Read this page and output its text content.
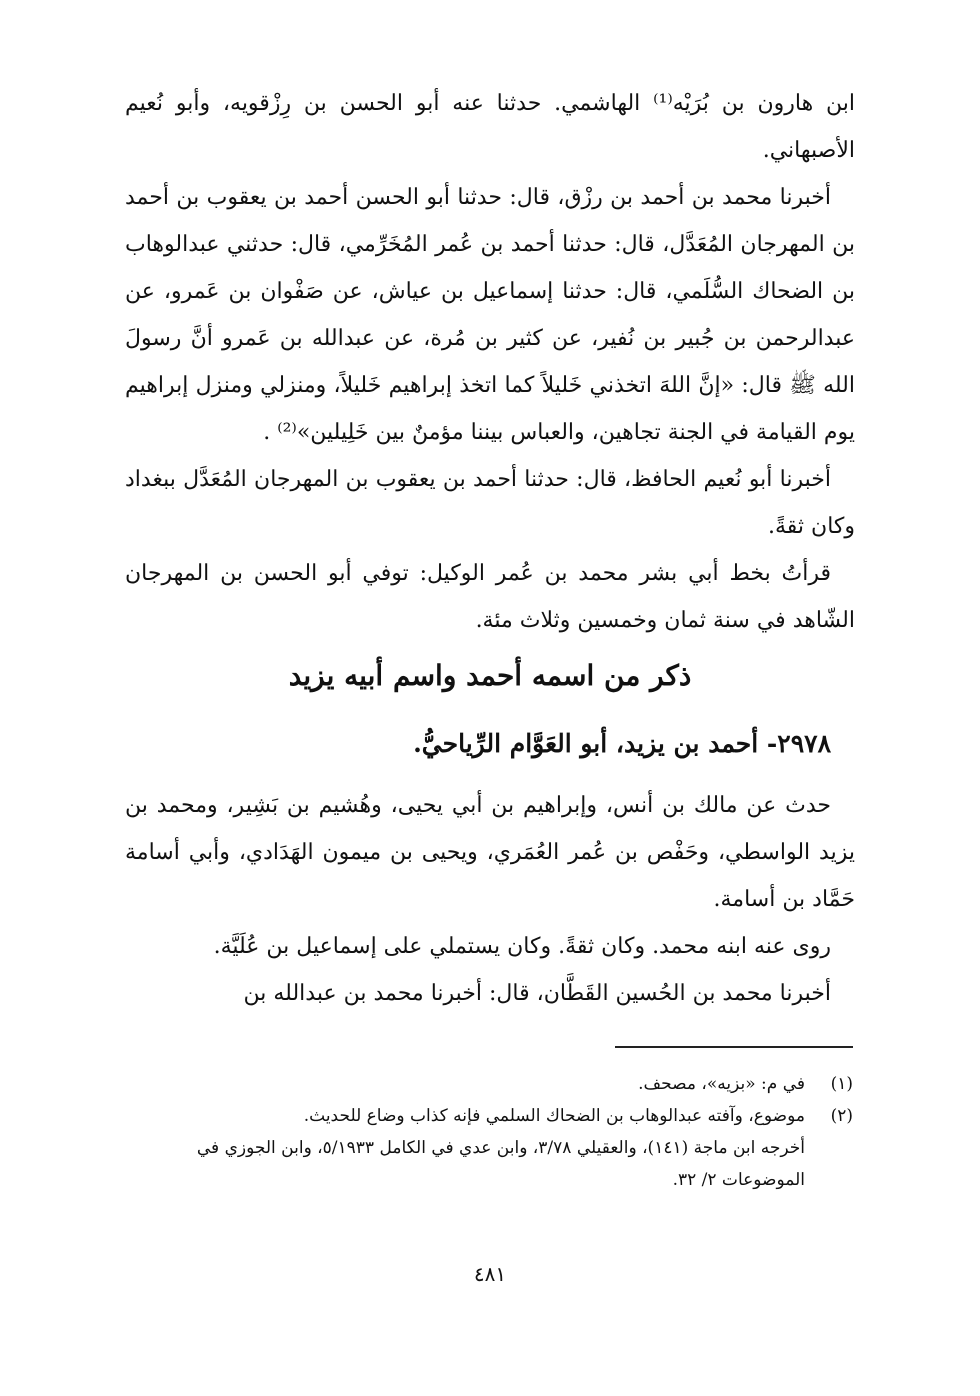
ابن هارون بن بُرَيْه⁽¹⁾ الهاشمي. حدثنا عنه أبو الحسن بن رِزْقويه، وأبو نُعيم الأصبهاني.

أخبرنا محمد بن أحمد بن رزْق، قال: حدثنا أبو الحسن أحمد بن يعقوب بن أحمد بن المهرجان المُعَدَّل، قال: حدثنا أحمد بن عُمر المُخَرِّمي، قال: حدثني عبدالوهاب بن الضحاك السُّلَمي، قال: حدثنا إسماعيل بن عياش، عن صَفْوان بن عَمرو، عن عبدالرحمن بن جُبير بن نُفير، عن كثير بن مُرة، عن عبدالله بن عَمرو أنَّ رسولَ الله ﷺ قال: «إنَّ اللهَ اتخذني خَليلاً كما اتخذ إبراهيم خَليلاً، ومنزلي ومنزل إبراهيم يوم القيامة في الجنة تجاهين، والعباس بيننا مؤمنٌ بين خَلِيلين»⁽²⁾ .

أخبرنا أبو نُعيم الحافظ، قال: حدثنا أحمد بن يعقوب بن المهرجان المُعَدَّل ببغداد وكان ثقةً.

قرأتُ بخط أبي بشر محمد بن عُمر الوكيل: توفي أبو الحسن بن المهرجان الشّاهد في سنة ثمان وخمسين وثلاث مئة.

ذكر من اسمه أحمد واسم أبيه يزيد
٢٩٧٨- أحمد بن يزيد، أبو العَوَّام الرِّياحيُّ.

حدث عن مالك بن أنس، وإبراهيم بن أبي يحيى، وهُشيم بن بَشِير، ومحمد بن يزيد الواسطي، وحَفْص بن عُمر العُمَري، ويحيى بن ميمون الهَدَادي، وأبي أسامة حَمَّاد بن أسامة.

روى عنه ابنه محمد. وكان ثقةً. وكان يستملي على إسماعيل بن عُلَيَّة.

أخبرنا محمد بن الحُسين القَطَّان، قال: أخبرنا محمد بن عبدالله بن

(١)
في م: «بزيه»، مصحف.
(٢)
موضوع، وآفته عبدالوهاب بن الضحاك السلمي فإنه كذاب وضاع للحديث.

أخرجه ابن ماجة (١٤١)، والعقيلي ٣/٧٨، وابن عدي في الكامل ٥/١٩٣٣، وابن الجوزي في الموضوعات ٢/ ٣٢.

٤٨١
